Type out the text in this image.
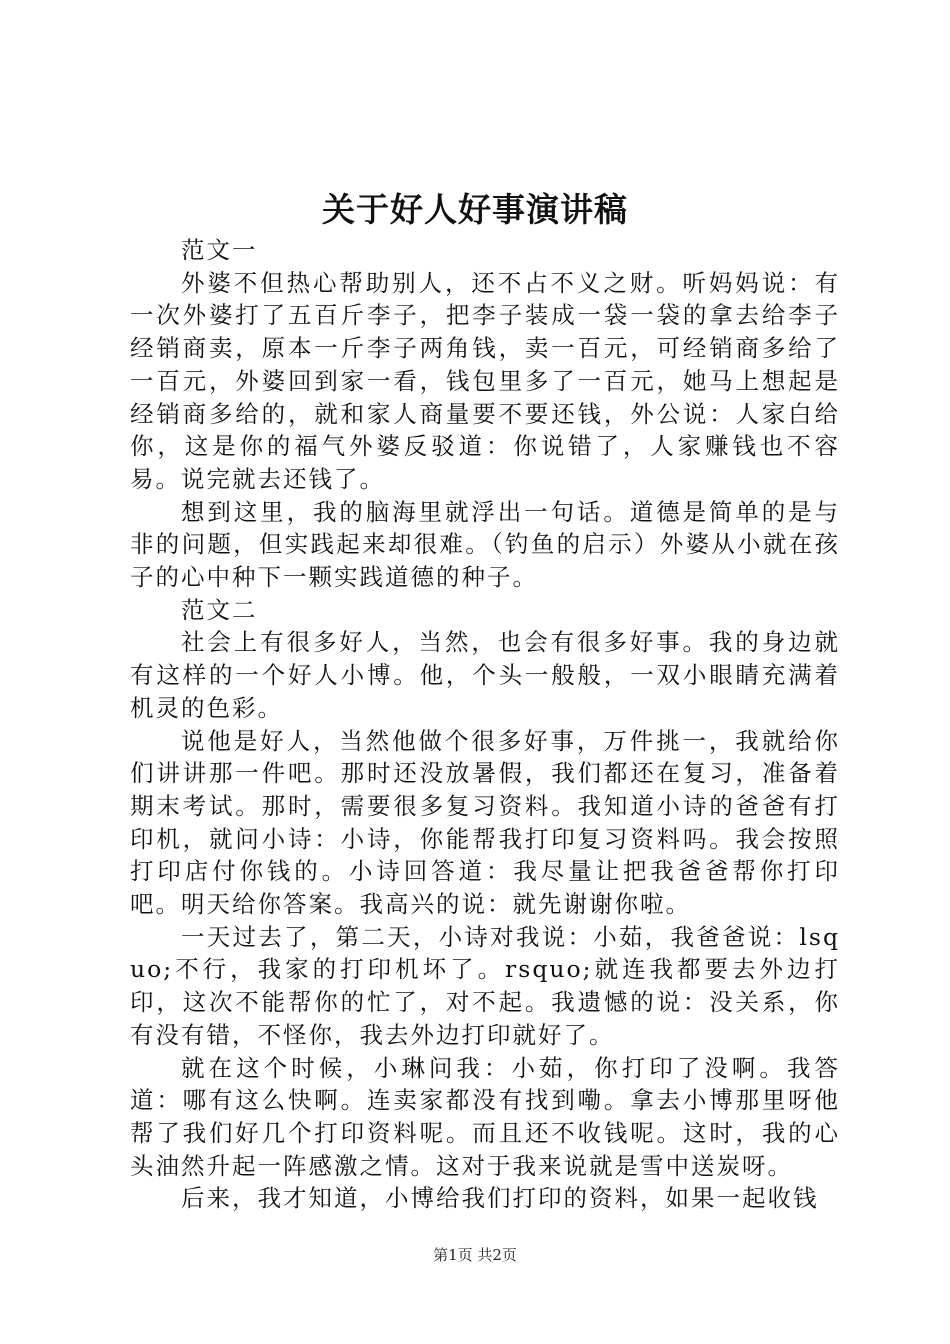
关于好人好事演讲稿

范文一

外婆不但热心帮助别人，还不占不义之财。听妈妈说：有一次外婆打了五百斤李子，把李子装成一袋一袋的拿去给李子经销商卖，原本一斤李子两角钱，卖一百元，可经销商多给了一百元，外婆回到家一看，钱包里多了一百元，她马上想起是经销商多给的，就和家人商量要不要还钱，外公说：人家白给你，这是你的福气外婆反驳道：你说错了，人家赚钱也不容易。说完就去还钱了。

想到这里，我的脑海里就浮出一句话。道德是简单的是与非的问题，但实践起来却很难。（钓鱼的启示）外婆从小就在孩子的心中种下一颗实践道德的种子。

范文二

社会上有很多好人，当然，也会有很多好事。我的身边就有这样的一个好人小博。他，个头一般般，一双小眼睛充满着机灵的色彩。

说他是好人，当然他做个很多好事，万件挑一，我就给你们讲讲那一件吧。那时还没放暑假，我们都还在复习，准备着期末考试。那时，需要很多复习资料。我知道小诗的爸爸有打印机，就问小诗：小诗，你能帮我打印复习资料吗。我会按照打印店付你钱的。小诗回答道：我尽量让把我爸爸帮你打印吧。明天给你答案。我高兴的说：就先谢谢你啦。

一天过去了，第二天，小诗对我说：小茹，我爸爸说：lsquo;不行，我家的打印机坏了。rsquo;就连我都要去外边打印，这次不能帮你的忙了，对不起。我遗憾的说：没关系，你有没有错，不怪你，我去外边打印就好了。

就在这个时候，小琳问我：小茹，你打印了没啊。我答道：哪有这么快啊。连卖家都没有找到嘞。拿去小博那里呀他帮了我们好几个打印资料呢。而且还不收钱呢。这时，我的心头油然升起一阵感激之情。这对于我来说就是雪中送炭呀。

后来，我才知道，小博给我们打印的资料，如果一起收钱

第1页 共2页
